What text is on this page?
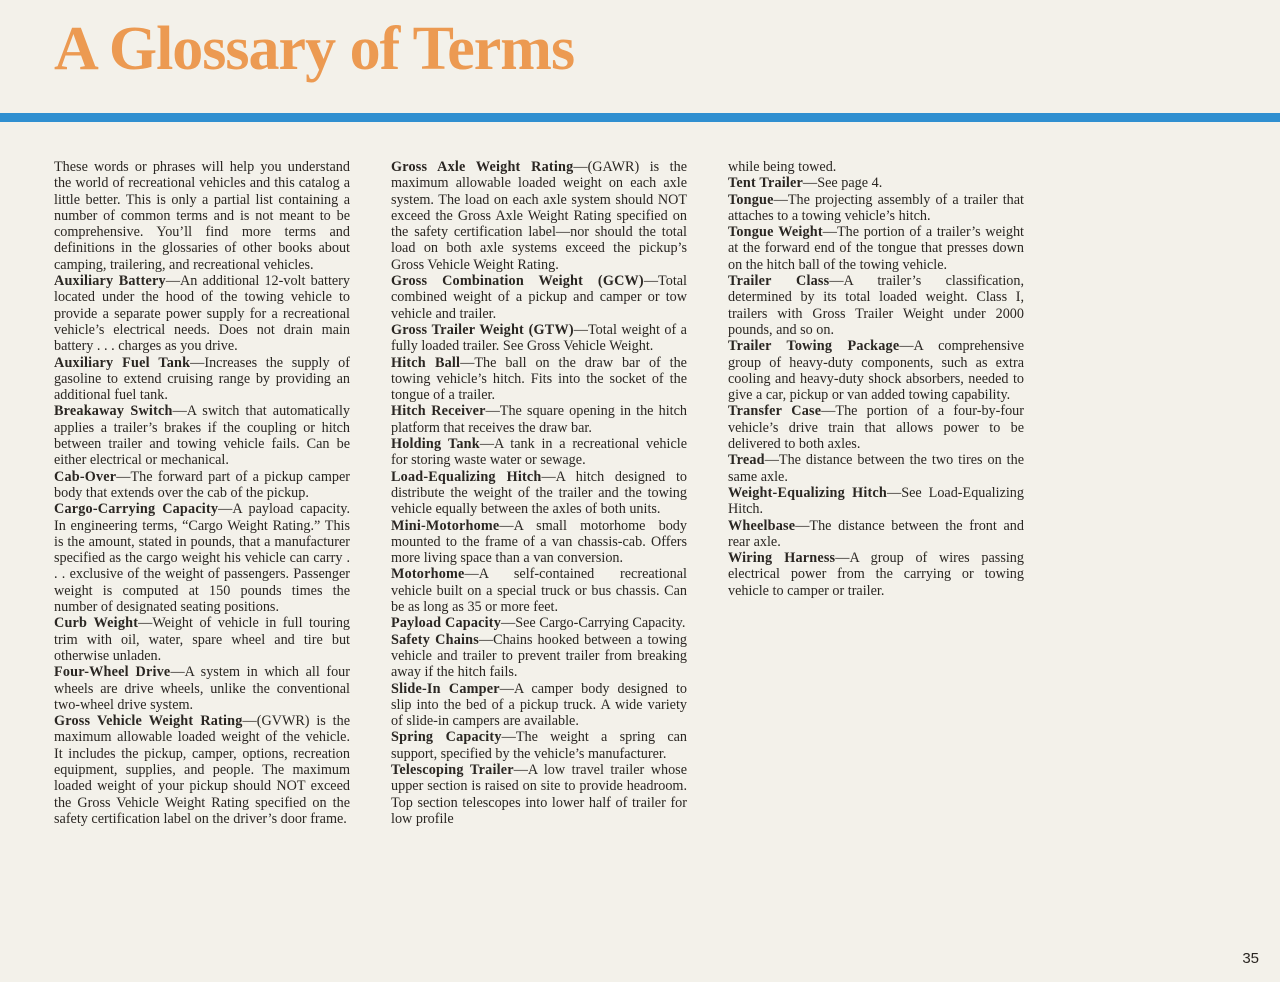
A Glossary of Terms

These words or phrases will help you understand the world of recreational vehicles and this catalog a little better. This is only a partial list containing a number of common terms and is not meant to be comprehensive. You’ll find more terms and definitions in the glossaries of other books about camping, trailering, and recreational vehicles.

Auxiliary Battery—An additional 12-volt battery located under the hood of the towing vehicle to provide a separate power supply for a recreational vehicle’s electrical needs. Does not drain main battery . . . charges as you drive.

Auxiliary Fuel Tank—Increases the supply of gasoline to extend cruising range by providing an additional fuel tank.

Breakaway Switch—A switch that automatically applies a trailer’s brakes if the coupling or hitch between trailer and towing vehicle fails. Can be either electrical or mechanical.

Cab-Over—The forward part of a pickup camper body that extends over the cab of the pickup.

Cargo-Carrying Capacity—A payload capacity. In engineering terms, “Cargo Weight Rating.” This is the amount, stated in pounds, that a manufacturer specified as the cargo weight his vehicle can carry . . . exclusive of the weight of passengers. Passenger weight is computed at 150 pounds times the number of designated seating positions.

Curb Weight—Weight of vehicle in full touring trim with oil, water, spare wheel and tire but otherwise unladen.

Four-Wheel Drive—A system in which all four wheels are drive wheels, unlike the conventional two-wheel drive system.

Gross Vehicle Weight Rating—(GVWR) is the maximum allowable loaded weight of the vehicle. It includes the pickup, camper, options, recreation equipment, supplies, and people. The maximum loaded weight of your pickup should NOT exceed the Gross Vehicle Weight Rating specified on the safety certification label on the driver’s door frame.

Gross Axle Weight Rating—(GAWR) is the maximum allowable loaded weight on each axle system. The load on each axle system should NOT exceed the Gross Axle Weight Rating specified on the safety certification label—nor should the total load on both axle systems exceed the pickup’s Gross Vehicle Weight Rating.

Gross Combination Weight (GCW)—Total combined weight of a pickup and camper or tow vehicle and trailer.

Gross Trailer Weight (GTW)—Total weight of a fully loaded trailer. See Gross Vehicle Weight.

Hitch Ball—The ball on the draw bar of the towing vehicle’s hitch. Fits into the socket of the tongue of a trailer.

Hitch Receiver—The square opening in the hitch platform that receives the draw bar.

Holding Tank—A tank in a recreational vehicle for storing waste water or sewage.

Load-Equalizing Hitch—A hitch designed to distribute the weight of the trailer and the towing vehicle equally between the axles of both units.

Mini-Motorhome—A small motorhome body mounted to the frame of a van chassis-cab. Offers more living space than a van conversion.

Motorhome—A self-contained recreational vehicle built on a special truck or bus chassis. Can be as long as 35 or more feet.

Payload Capacity—See Cargo-Carrying Capacity.

Safety Chains—Chains hooked between a towing vehicle and trailer to prevent trailer from breaking away if the hitch fails.

Slide-In Camper—A camper body designed to slip into the bed of a pickup truck. A wide variety of slide-in campers are available.

Spring Capacity—The weight a spring can support, specified by the vehicle’s manufacturer.

Telescoping Trailer—A low travel trailer whose upper section is raised on site to provide headroom. Top section telescopes into lower half of trailer for low profile

while being towed.

Tent Trailer—See page 4.

Tongue—The projecting assembly of a trailer that attaches to a towing vehicle’s hitch.

Tongue Weight—The portion of a trailer’s weight at the forward end of the tongue that presses down on the hitch ball of the towing vehicle.

Trailer Class—A trailer’s classification, determined by its total loaded weight. Class I, trailers with Gross Trailer Weight under 2000 pounds, and so on.

Trailer Towing Package—A comprehensive group of heavy-duty components, such as extra cooling and heavy-duty shock absorbers, needed to give a car, pickup or van added towing capability.

Transfer Case—The portion of a four-by-four vehicle’s drive train that allows power to be delivered to both axles.

Tread—The distance between the two tires on the same axle.

Weight-Equalizing Hitch—See Load-Equalizing Hitch.

Wheelbase—The distance between the front and rear axle.

Wiring Harness—A group of wires passing electrical power from the carrying or towing vehicle to camper or trailer.

35
